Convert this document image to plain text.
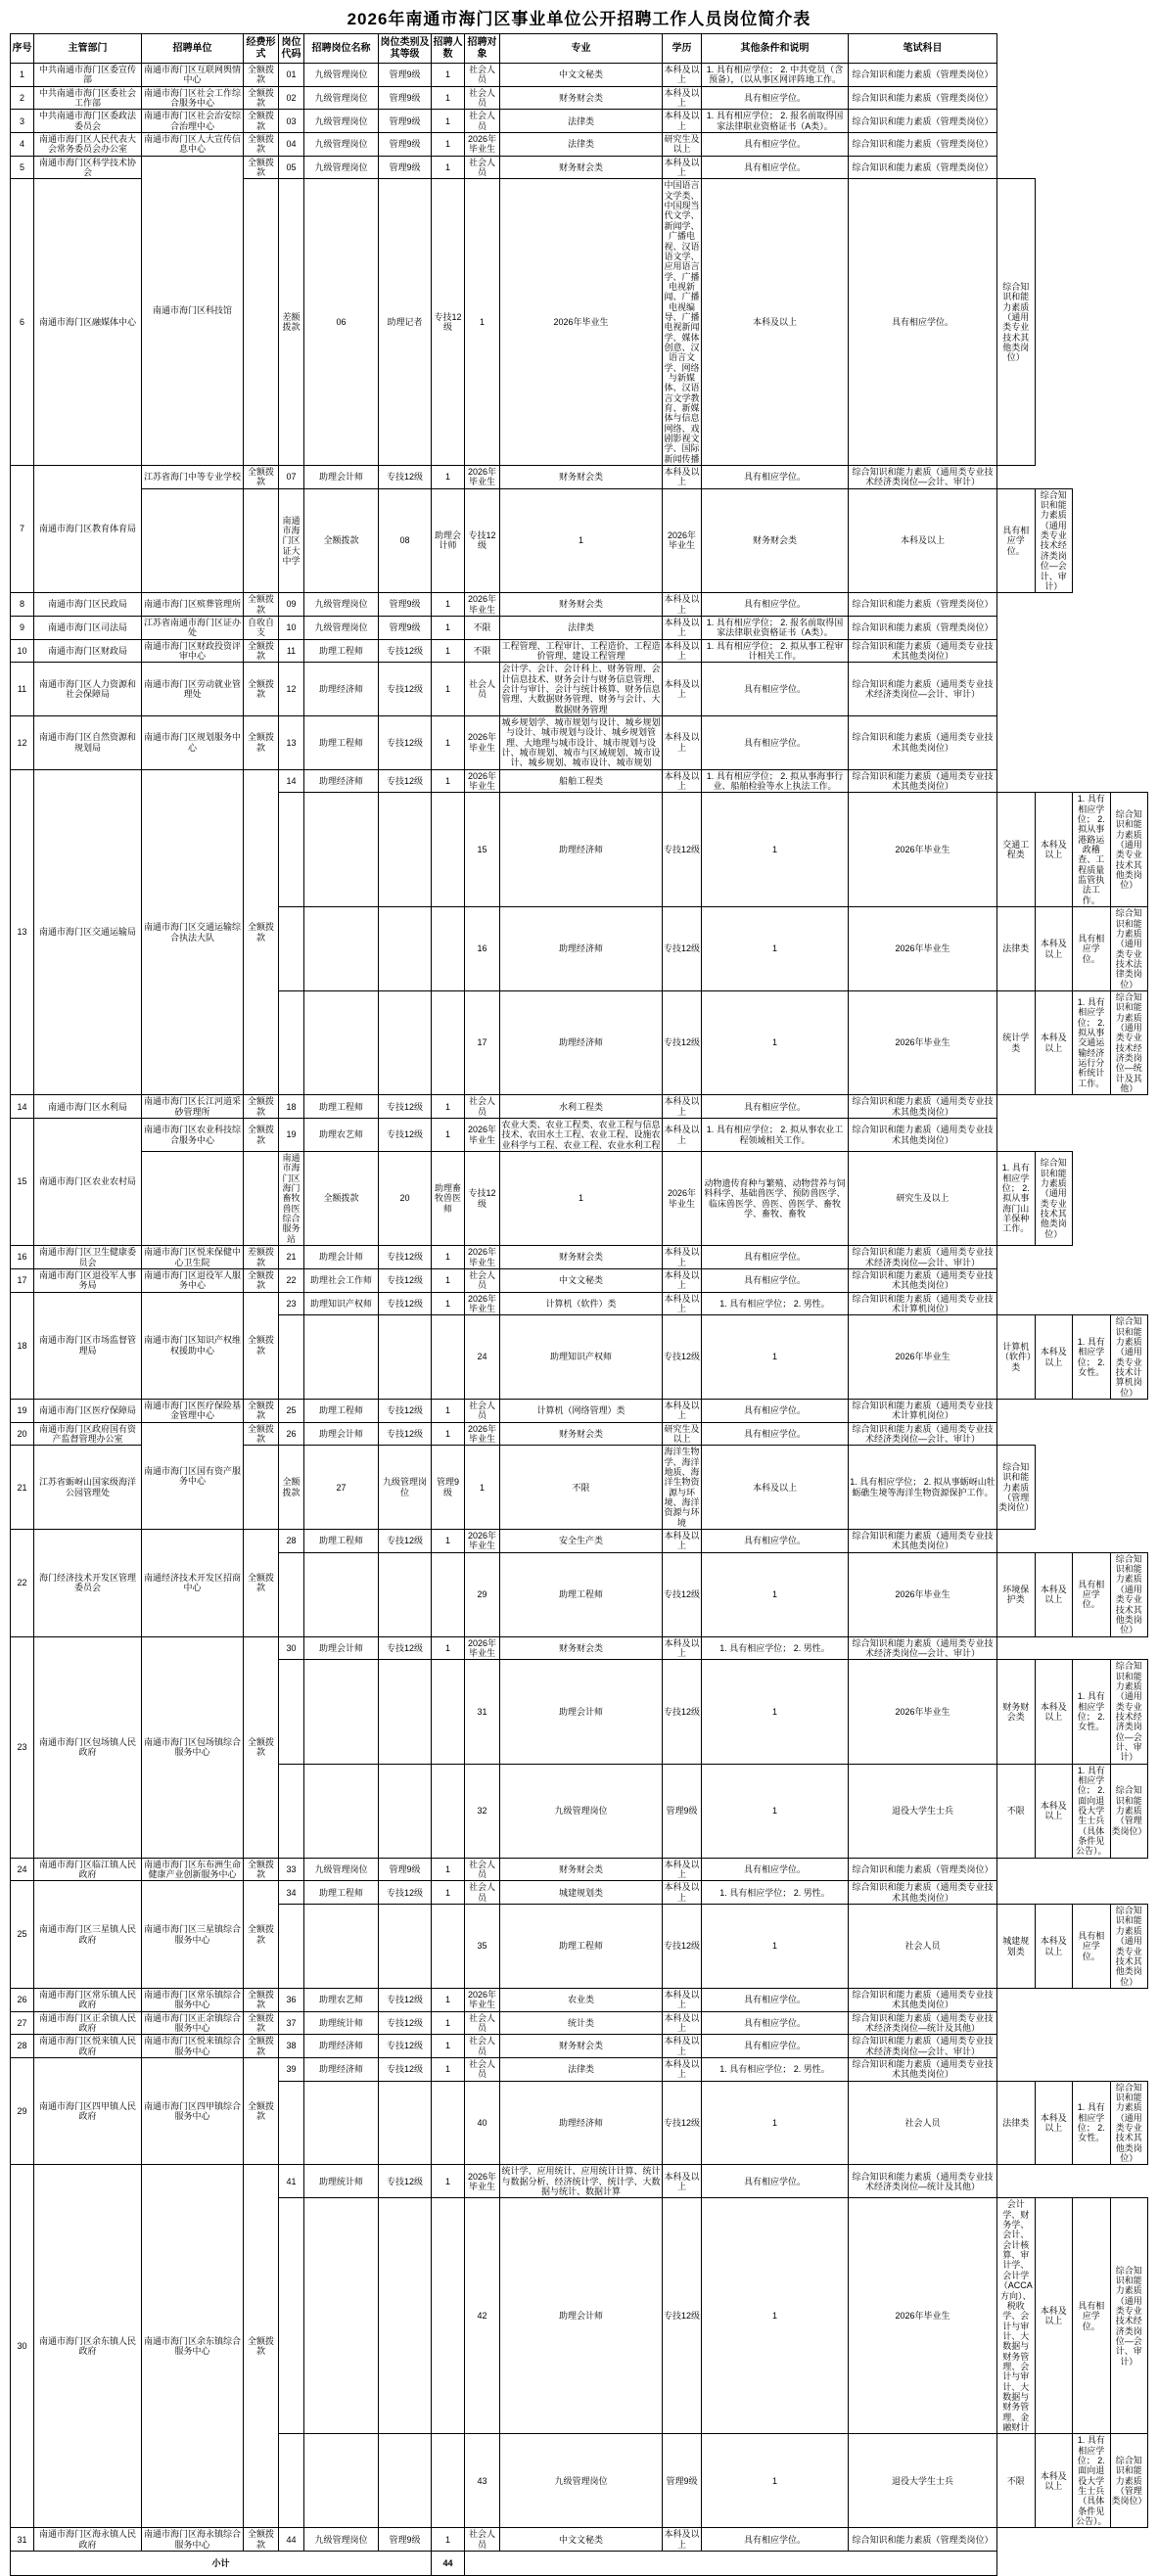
2026年南通市海门区事业单位公开招聘工作人员岗位简介表
序号	主管部门	招聘单位	经费形式	岗位代码	招聘岗位名称	岗位类别及其等级	招聘人数	招聘对象	专业	学历	其他条件和说明	笔试科目				
1	中共南通市海门区委宣传部	南通市海门区互联网舆情中心	全额拨款	01	九级管理岗位	管理9级	1	社会人员	中文文秘类	本科及以上	1. 具有相应学位； 2. 中共党员（含预备），（以从事区网评阵地工作。	综合知识和能力素质（管理类岗位）				
2	中共南通市海门区委社会工作部	南通市海门区社会工作综合服务中心	全额拨款	02	九级管理岗位	管理9级	1	社会人员	财务财会类	本科及以上	具有相应学位。	综合知识和能力素质（管理类岗位）				
3	中共南通市海门区委政法委员会	南通市海门区社会治安综合治理中心	全额拨款	03	九级管理岗位	管理9级	1	社会人员	法律类	本科及以上	1. 具有相应学位； 2. 报名前取得国家法律职业资格证书（A类）。	综合知识和能力素质（管理类岗位）				
4	南通市海门区人民代表大会常务委员会办公室	南通市海门区人大宣传信息中心	全额拨款	04	九级管理岗位	管理9级	1	2026年毕业生	法律类	研究生及以上	具有相应学位。	综合知识和能力素质（管理类岗位）				
5	南通市海门区科学技术协会	南通市海门区科技馆	全额拨款	05	九级管理岗位	管理9级	1	社会人员	财务财会类	本科及以上	具有相应学位。	综合知识和能力素质（管理类岗位）				
6	南通市海门区融媒体中心			差额拨款	06	助理记者	专技12级	1	2026年毕业生	中国语言文学类、中国现当代文学、新闻学、广播电视、汉语语文学、应用语言学、广播电视新闻、广播电视编导、广播电视新闻学、媒体创意、汉语言文学、网络与新媒体、汉语言文学教育、新媒体与信息网络、戏剧影视文学、国际新闻传播	本科及以上	具有相应学位。	综合知识和能力素质（通用类专业技术其他类岗位）			
7	南通市海门区教育体育局	江苏省海门中等专业学校	全额拨款	07	助理会计师	专技12级	1	2026年毕业生	财务财会类	本科及以上	具有相应学位。	综合知识和能力素质（通用类专业技术经济类岗位—会计、审计）				
				南通市海门区证大中学	全额拨款	08	助理会计师	专技12级	1	2026年毕业生	财务财会类	本科及以上	具有相应学位。	综合知识和能力素质（通用类专业技术经济类岗位—会计、审计）		
8	南通市海门区民政局	南通市海门区殡葬管理所	全额拨款	09	九级管理岗位	管理9级	1	2026年毕业生	财务财会类	本科及以上	具有相应学位。	综合知识和能力素质（管理类岗位）				
9	南通市海门区司法局	江苏省南通市海门区证办处	自收自支	10	九级管理岗位	管理9级	1	不限	法律类	本科及以上	1. 具有相应学位； 2. 报名前取得国家法律职业资格证书（A类）。	综合知识和能力素质（管理类岗位）				
10	南通市海门区财政局	南通市海门区财政投资评审中心	全额拨款	11	助理工程师	专技12级	1	不限	工程管理、工程审计、工程造价、工程造价管理、建设工程管理	本科及以上	1. 具有相应学位； 2. 拟从事工程审计相关工作。	综合知识和能力素质（通用类专业技术其他类岗位）				
11	南通市海门区人力资源和社会保障局	南通市海门区劳动就业管理处	全额拨款	12	助理经济师	专技12级	1	社会人员	会计学、会计、会计科上、财务管理、会计信息技术、财务会计与财务信息管理、会计与审计、会计与统计核算、财务信息管理、大数据财务管理、财务与会计、大数据财务管理	本科及以上	具有相应学位。	综合知识和能力素质（通用类专业技术经济类岗位—会计、审计）				
12	南通市海门区自然资源和规划局	南通市海门区规划服务中心	全额拨款	13	助理工程师	专技12级	1	2026年毕业生	城乡规划学、城市规划与设计、城乡规划与设计、城市规划与设计、城乡规划管理、大地理与城市设计、城市规划与设计、城市规划、城市与区域规划、城市设计、城乡规划、城市设计、城市规划	本科及以上	具有相应学位。	综合知识和能力素质（通用类专业技术其他类岗位）				
13	南通市海门区交通运输局	南通市海门区交通运输综合执法大队	全额拨款	14	助理经济师	专技12级	1	2026年毕业生	船舶工程类	本科及以上	1. 具有相应学位； 2. 拟从事海事行业、船舶检验等水上执法工作。	综合知识和能力素质（通用类专业技术其他类岗位）				
								15	助理经济师	专技12级	1	2026年毕业生	交通工程类	本科及以上	1. 具有相应学位； 2. 拟从事港路运政稽查、工程质量监管执法工作。	综合知识和能力素质（通用类专业技术其他类岗位）
								16	助理经济师	专技12级	1	2026年毕业生	法律类	本科及以上	具有相应学位。	综合知识和能力素质（通用类专业技术法律类岗位）
								17	助理经济师	专技12级	1	2026年毕业生	统计学类	本科及以上	1. 具有相应学位； 2. 拟从事交通运输经济运行分析统计工作。	综合知识和能力素质（通用类专业技术经济类岗位—统计及其他）
14	南通市海门区水利局	南通市海门区长江河道采砂管理所	全额拨款	18	助理工程师	专技12级	1	社会人员	水利工程类	本科及以上	具有相应学位。	综合知识和能力素质（通用类专业技术其他类岗位）				
15	南通市海门区农业农村局	南通市海门区农业科技综合服务中心	全额拨款	19	助理农艺师	专技12级	1	2026年毕业生	农业大类、农业工程类、农业工程与信息技术、农田水土工程、农业工程、设施农业科学与工程、农业工程、农业水利工程	本科及以上	1. 具有相应学位； 2. 拟从事农业工程领域相关工作。	综合知识和能力素质（通用类专业技术其他类岗位）				
				南通市海门区海门畜牧兽医综合服务站	全额拨款	20	助理畜牧兽医师	专技12级	1	2026年毕业生	动物遗传育种与繁殖、动物营养与饲料科学、基础兽医学、预防兽医学、临床兽医学、兽医、兽医学、畜牧学、畜牧、畜牧	研究生及以上	1. 具有相应学位； 2. 拟从事海门山羊保种工作。	综合知识和能力素质（通用类专业技术其他类岗位）		
16	南通市海门区卫生健康委员会	南通市海门区悦来保健中心卫生院	差额拨款	21	助理会计师	专技12级	1	2026年毕业生	财务财会类	本科及以上	具有相应学位。	综合知识和能力素质（通用类专业技术经济类岗位—会计、审计）				
17	南通市海门区退役军人事务局	南通市海门区退役军人服务中心	全额拨款	22	助理社会工作师	专技12级	1	社会人员	中文文秘类	本科及以上	具有相应学位。	综合知识和能力素质（通用类专业技术其他类岗位）				
18	南通市海门区市场监督管理局	南通市海门区知识产权维权援助中心	全额拨款	23	助理知识产权师	专技12级	1	2026年毕业生	计算机（软件）类	本科及以上	1. 具有相应学位； 2. 男性。	综合知识和能力素质（通用类专业技术计算机岗位）				
								24	助理知识产权师	专技12级	1	2026年毕业生	计算机（软件）类	本科及以上	1. 具有相应学位； 2. 女性。	综合知识和能力素质（通用类专业技术计算机岗位）
19	南通市海门区医疗保障局	南通市海门区医疗保险基金管理中心	全额拨款	25	助理工程师	专技12级	1	社会人员	计算机（网络管理）类	本科及以上	具有相应学位。	综合知识和能力素质（通用类专业技术计算机岗位）				
20	南通市海门区政府国有资产监督管理办公室	南通市海门区国有资产服务中心	全额拨款	26	助理会计师	专技12级	1	2026年毕业生	财务财会类	研究生及以上	具有相应学位。	综合知识和能力素质（通用类专业技术经济类岗位—会计、审计）				
21	江苏省蛎岈山国家级海洋公园管理处			全额拨款	27	九级管理岗位	管理9级	1	不限	海洋生物学、海洋地质、海洋生物资源与环境、海洋资源与环境	本科及以上	1. 具有相应学位； 2. 拟从事蛎岈山牡蛎礁生境等海洋生物资源保护工作。	综合知识和能力素质（管理类岗位）			
22	海门经济技术开发区管理委员会	南通经济技术开发区招商中心	全额拨款	28	助理工程师	专技12级	1	2026年毕业生	安全生产类	本科及以上	具有相应学位。	综合知识和能力素质（通用类专业技术其他类岗位）				
								29	助理工程师	专技12级	1	2026年毕业生	环境保护类	本科及以上	具有相应学位。	综合知识和能力素质（通用类专业技术其他类岗位）
23	南通市海门区包场镇人民政府	南通市海门区包场镇综合服务中心	全额拨款	30	助理会计师	专技12级	1	2026年毕业生	财务财会类	本科及以上	1. 具有相应学位； 2. 男性。	综合知识和能力素质（通用类专业技术经济类岗位—会计、审计）				
								31	助理会计师	专技12级	1	2026年毕业生	财务财会类	本科及以上	1. 具有相应学位； 2. 女性。	综合知识和能力素质（通用类专业技术经济类岗位—会计、审计）
								32	九级管理岗位	管理9级	1	退役大学生士兵	不限	本科及以上	1. 具有相应学位； 2. 面向退役大学生士兵（具体条件见公告）。	综合知识和能力素质（管理类岗位）
24	南通市海门区临江镇人民政府	南通市海门区东布洲生命健康产业创新服务中心	全额拨款	33	九级管理岗位	管理9级	1	社会人员	财务财会类	本科及以上	具有相应学位。	综合知识和能力素质（管理类岗位）				
25	南通市海门区三星镇人民政府	南通市海门区三星镇综合服务中心	全额拨款	34	助理工程师	专技12级	1	社会人员	城建规划类	本科及以上	1. 具有相应学位； 2. 男性。	综合知识和能力素质（通用类专业技术其他类岗位）				
								35	助理工程师	专技12级	1	社会人员	城建规划类	本科及以上	具有相应学位。	综合知识和能力素质（通用类专业技术其他类岗位）
26	南通市海门区常乐镇人民政府	南通市海门区常乐镇综合服务中心	全额拨款	36	助理农艺师	专技12级	1	2026年毕业生	农业类	本科及以上	具有相应学位。	综合知识和能力素质（通用类专业技术其他类岗位）				
27	南通市海门区正余镇人民政府	南通市海门区正余镇综合服务中心	全额拨款	37	助理统计师	专技12级	1	社会人员	统计类	本科及以上	具有相应学位。	综合知识和能力素质（通用类专业技术经济类岗位—统计及其他）				
28	南通市海门区悦来镇人民政府	南通市海门区悦来镇综合服务中心	全额拨款	38	助理经济师	专技12级	1	社会人员	财务财会类	本科及以上	具有相应学位。	综合知识和能力素质（通用类专业技术经济类岗位—会计、审计）				
29	南通市海门区四甲镇人民政府	南通市海门区四甲镇综合服务中心	全额拨款	39	助理经济师	专技12级	1	社会人员	法律类	本科及以上	1. 具有相应学位； 2. 男性。	综合知识和能力素质（通用类专业技术其他类岗位）				
								40	助理经济师	专技12级	1	社会人员	法律类	本科及以上	1. 具有相应学位； 2. 女性。	综合知识和能力素质（通用类专业技术其他类岗位）
30	南通市海门区余东镇人民政府	南通市海门区余东镇综合服务中心	全额拨款	41	助理统计师	专技12级	1	2026年毕业生	统计学、应用统计、应用统计计算、统计与数据分析、经济统计学、统计学、大数据与统计、数据计算	本科及以上	具有相应学位。	综合知识和能力素质（通用类专业技术经济类岗位—统计及其他）				
								42	助理会计师	专技12级	1	2026年毕业生	会计学、财务学、会计、会计核算、审计学、会计学（ACCA方向）、税收学、会计与审计、大数据与财务管理、会计与审计、大数据与财务管理、金融财计	本科及以上	具有相应学位。	综合知识和能力素质（通用类专业技术经济类岗位—会计、审计）
								43	九级管理岗位	管理9级	1	退役大学生士兵	不限	本科及以上	1. 具有相应学位； 2. 面向退役大学生士兵（具体条件见公告）。	综合知识和能力素质（管理类岗位）
31	南通市海门区海永镇人民政府	南通市海门区海永镇综合服务中心	全额拨款	44	九级管理岗位	管理9级	1	社会人员	中文文秘类	本科及以上	具有相应学位。	综合知识和能力素质（管理类岗位）				
小计							44									
